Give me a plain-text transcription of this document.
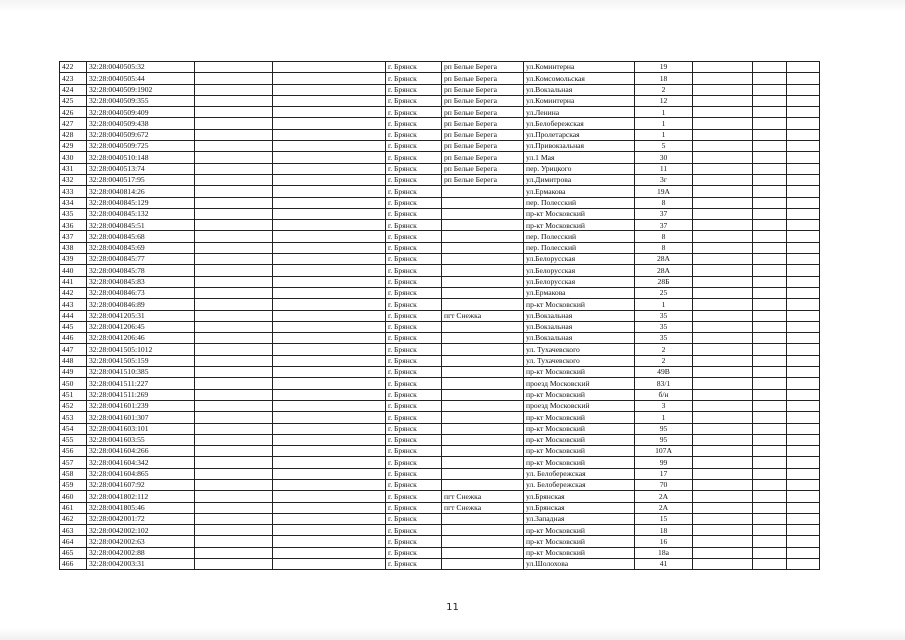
422	32:28:0040505:32			г. Брянск	рп Белые Берега	ул.Коминтерна	19			
423	32:28:0040505:44			г. Брянск	рп Белые Берега	ул.Комсомольская	18			
424	32:28:0040509:1902			г. Брянск	рп Белые Берега	ул.Вокзальная	2			
425	32:28:0040509:355			г. Брянск	рп Белые Берега	ул.Коминтерна	12			
426	32:28:0040509:409			г. Брянск	рп Белые Берега	ул.Ленина	1			
427	32:28:0040509:438			г. Брянск	рп Белые Берега	ул.Белобережская	1			
428	32:28:0040509:672			г. Брянск	рп Белые Берега	ул.Пролетарская	1			
429	32:28:0040509:725			г. Брянск	рп Белые Берега	ул.Привокзальная	5			
430	32:28:0040510:148			г. Брянск	рп Белые Берега	ул.1 Мая	30			
431	32:28:0040513:74			г. Брянск	рп Белые Берега	пер. Урицкого	11			
432	32:28:0040517:95			г. Брянск	рп Белые Берега	ул.Димитрова	3г			
433	32:28:0040814:26			г. Брянск		ул.Ермакова	19А			
434	32:28:0040845:129			г. Брянск		пер. Полесский	8			
435	32:28:0040845:132			г. Брянск		пр-кт Московский	37			
436	32:28:0040845:51			г. Брянск		пр-кт Московский	37			
437	32:28:0040845:68			г. Брянск		пер. Полесский	8			
438	32:28:0040845:69			г. Брянск		пер. Полесский	8			
439	32:28:0040845:77			г. Брянск		ул.Белорусская	28А			
440	32:28:0040845:78			г. Брянск		ул.Белорусская	28А			
441	32:28:0040845:83			г. Брянск		ул.Белорусская	28Б			
442	32:28:0040846:73			г. Брянск		ул.Ермакова	25			
443	32:28:0040846:89			г. Брянск		пр-кт Московский	1			
444	32:28:0041205:31			г. Брянск	пгт Снежка	ул.Вокзальная	35			
445	32:28:0041206:45			г. Брянск		ул.Вокзальная	35			
446	32:28:0041206:46			г. Брянск		ул.Вокзальная	35			
447	32:28:0041505:1012			г. Брянск		ул. Тухачевского	2			
448	32:28:0041505:159			г. Брянск		ул. Тухачевского	2			
449	32:28:0041510:385			г. Брянск		пр-кт Московский	49В			
450	32:28:0041511:227			г. Брянск		проезд Московский	83/1			
451	32:28:0041511:269			г. Брянск		пр-кт Московский	б/н			
452	32:28:0041601:239			г. Брянск		проезд Московский	3			
453	32:28:0041601:307			г. Брянск		пр-кт Московский	1			
454	32:28:0041603:101			г. Брянск		пр-кт Московский	95			
455	32:28:0041603:55			г. Брянск		пр-кт Московский	95			
456	32:28:0041604:266			г. Брянск		пр-кт Московский	107А			
457	32:28:0041604:342			г. Брянск		пр-кт Московский	99			
458	32:28:0041604:865			г. Брянск		ул. Белобережская	17			
459	32:28:0041607:92			г. Брянск		ул. Белобережская	70			
460	32:28:0041802:112			г. Брянск	пгт Снежка	ул.Брянская	2А			
461	32:28:0041805:46			г. Брянск	пгт Снежка	ул.Брянская	2А			
462	32:28:0042001:72			г. Брянск		ул.Западная	15			
463	32:28:0042002:102			г. Брянск		пр-кт Московский	18			
464	32:28:0042002:63			г. Брянск		пр-кт Московский	16			
465	32:28:0042002:88			г. Брянск		пр-кт Московский	18а			
466	32:28:0042003:31			г. Брянск		ул.Шолохова	41			
11
